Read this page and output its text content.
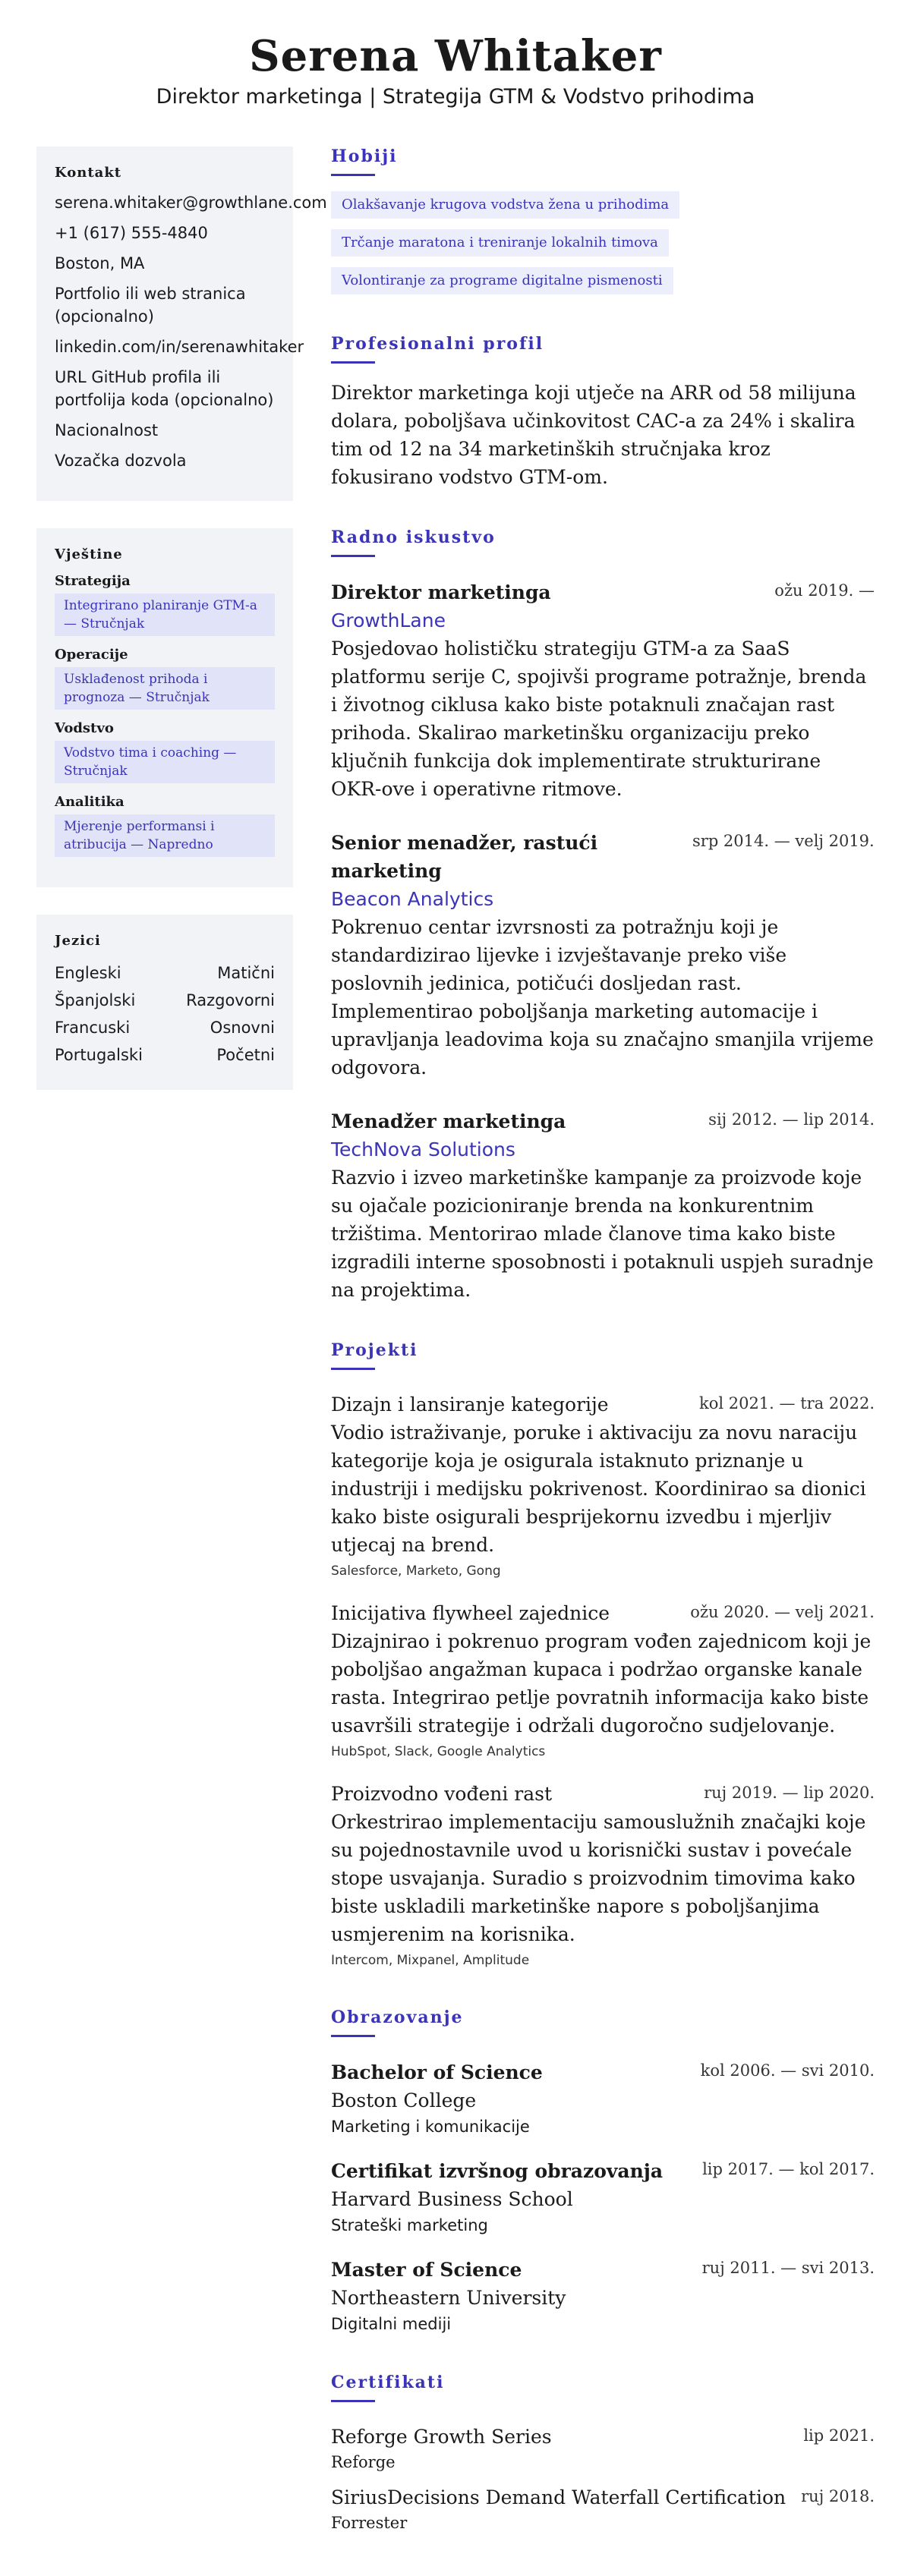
Serena Whitaker
Direktor marketinga | Strategija GTM & Vodstvo prihodima
Kontakt
serena.whitaker@growthlane.com
+1 (617) 555-4840
Boston, MA
Portfolio ili web stranica (opcionalno)
linkedin.com/in/serenawhitaker
URL GitHub profila ili portfolija koda (opcionalno)
Nacionalnost
Vozačka dozvola
Vještine
Strategija
Integrirano planiranje GTM-a — Stručnjak
Operacije
Usklađenost prihoda i prognoza — Stručnjak
Vodstvo
Vodstvo tima i coaching — Stručnjak
Analitika
Mjerenje performansi i atribucija — Napredno
Jezici
Engleski	Matični
Španjolski	Razgovorni
Francuski	Osnovni
Portugalski	Početni
Hobiji
Olakšavanje krugova vodstva žena u prihodima
Trčanje maratona i treniranje lokalnih timova
Volontiranje za programe digitalne pismenosti
Profesionalni profil
Direktor marketinga koji utječe na ARR od 58 milijuna dolara, poboljšava učinkovitost CAC-a za 24% i skalira tim od 12 na 34 marketinških stručnjaka kroz fokusirano vodstvo GTM-om.
Radno iskustvo
Direktor marketinga	ožu 2019. —
GrowthLane
Posjedovao holističku strategiju GTM-a za SaaS platformu serije C, spojivši programe potražnje, brenda i životnog ciklusa kako biste potaknuli značajan rast prihoda. Skalirao marketinšku organizaciju preko ključnih funkcija dok implementirate strukturirane OKR-ove i operativne ritmove.
Senior menadžer, rastući marketing
srp 2014. — velj 2019.
Beacon Analytics
Pokrenuo centar izvrsnosti za potražnju koji je standardizirao lijevke i izvještavanje preko više poslovnih jedinica, potičući dosljedan rast. Implementirao poboljšanja marketing automacije i upravljanja leadovima koja su značajno smanjila vrijeme odgovora.
Menadžer marketinga	sij 2012. — lip 2014.
TechNova Solutions
Razvio i izveo marketinške kampanje za proizvode koje su ojačale pozicioniranje brenda na konkurentnim tržištima. Mentorirao mlade članove tima kako biste izgradili interne sposobnosti i potaknuli uspjeh suradnje na projektima.
Projekti
Dizajn i lansiranje kategorije	kol 2021. — tra 2022.
Vodio istraživanje, poruke i aktivaciju za novu naraciju kategorije koja je osigurala istaknuto priznanje u industriji i medijsku pokrivenost. Koordinirao sa dionici kako biste osigurali besprijekornu izvedbu i mjerljiv utjecaj na brend.
Salesforce, Marketo, Gong
Inicijativa flywheel zajednice	ožu 2020. — velj 2021.
Dizajnirao i pokrenuo program vođen zajednicom koji je poboljšao angažman kupaca i podržao organske kanale rasta. Integrirao petlje povratnih informacija kako biste usavršili strategije i održali dugoročno sudjelovanje.
HubSpot, Slack, Google Analytics
Proizvodno vođeni rast	ruj 2019. — lip 2020.
Orkestrirao implementaciju samouslužnih značajki koje su pojednostavnile uvod u korisnički sustav i povećale stope usvajanja. Suradio s proizvodnim timovima kako biste uskladili marketinške napore s poboljšanjima usmjerenim na korisnika.
Intercom, Mixpanel, Amplitude
Obrazovanje
Bachelor of Science	kol 2006. — svi 2010.
Boston College
Marketing i komunikacije
Certifikat izvršnog obrazovanja lip 2017. — kol 2017.
Harvard Business School
Strateški marketing
Master of Science	ruj 2011. — svi 2013.
Northeastern University
Digitalni mediji
Certifikati
Reforge Growth Series	lip 2021.
Reforge
SiriusDecisions Demand Waterfall Certification ruj 2018.
Forrester
